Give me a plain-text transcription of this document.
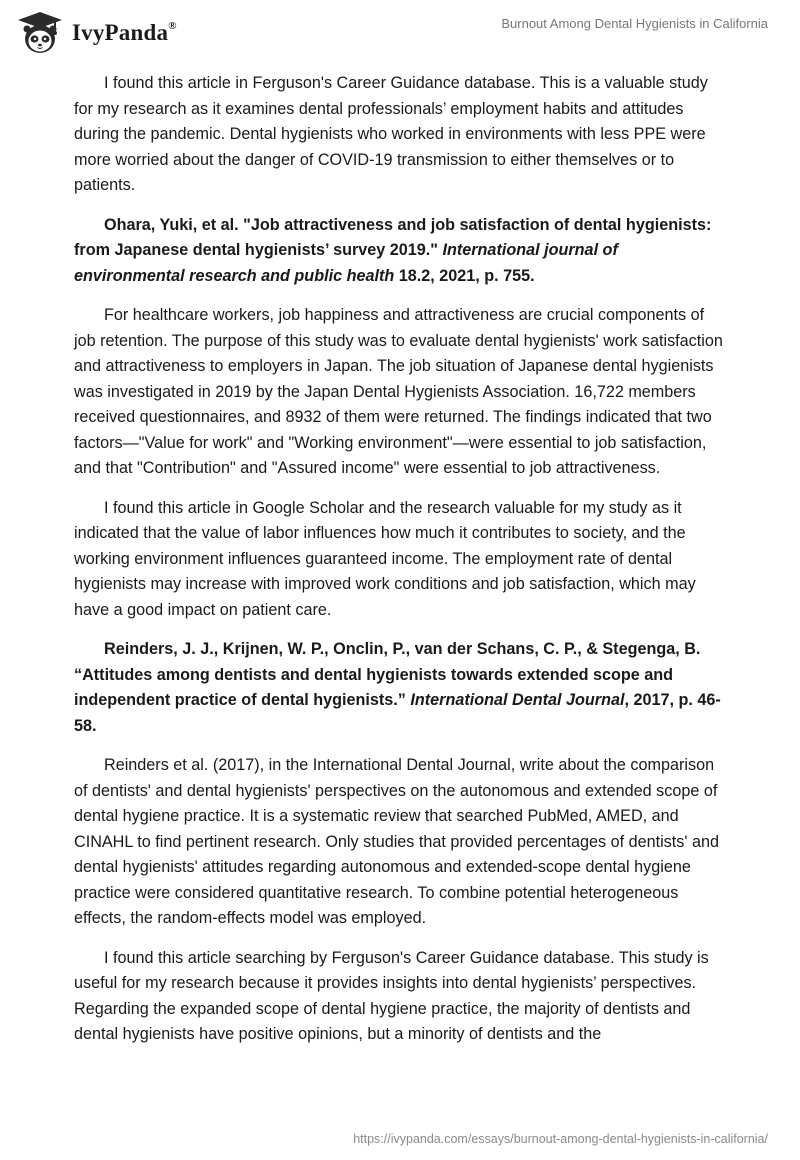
IvyPanda®	Burnout Among Dental Hygienists in California

I found this article in Ferguson's Career Guidance database. This is a valuable study for my research as it examines dental professionals’ employment habits and attitudes during the pandemic. Dental hygienists who worked in environments with less PPE were more worried about the danger of COVID-19 transmission to either themselves or to patients.

Ohara, Yuki, et al. "Job attractiveness and job satisfaction of dental hygienists: from Japanese dental hygienists’ survey 2019." International journal of environmental research and public health 18.2, 2021, p. 755.

For healthcare workers, job happiness and attractiveness are crucial components of job retention. The purpose of this study was to evaluate dental hygienists' work satisfaction and attractiveness to employers in Japan. The job situation of Japanese dental hygienists was investigated in 2019 by the Japan Dental Hygienists Association. 16,722 members received questionnaires, and 8932 of them were returned. The findings indicated that two factors—"Value for work" and "Working environment"—were essential to job satisfaction, and that "Contribution" and "Assured income" were essential to job attractiveness.

I found this article in Google Scholar and the research valuable for my study as it indicated that the value of labor influences how much it contributes to society, and the working environment influences guaranteed income. The employment rate of dental hygienists may increase with improved work conditions and job satisfaction, which may have a good impact on patient care.

Reinders, J. J., Krijnen, W. P., Onclin, P., van der Schans, C. P., & Stegenga, B. “Attitudes among dentists and dental hygienists towards extended scope and independent practice of dental hygienists.” International Dental Journal, 2017, p. 46-58.

Reinders et al. (2017), in the International Dental Journal, write about the comparison of dentists' and dental hygienists' perspectives on the autonomous and extended scope of dental hygiene practice. It is a systematic review that searched PubMed, AMED, and CINAHL to find pertinent research. Only studies that provided percentages of dentists' and dental hygienists' attitudes regarding autonomous and extended-scope dental hygiene practice were considered quantitative research. To combine potential heterogeneous effects, the random-effects model was employed.

I found this article searching by Ferguson's Career Guidance database. This study is useful for my research because it provides insights into dental hygienists’ perspectives. Regarding the expanded scope of dental hygiene practice, the majority of dentists and dental hygienists have positive opinions, but a minority of dentists and the

https://ivypanda.com/essays/burnout-among-dental-hygienists-in-california/
